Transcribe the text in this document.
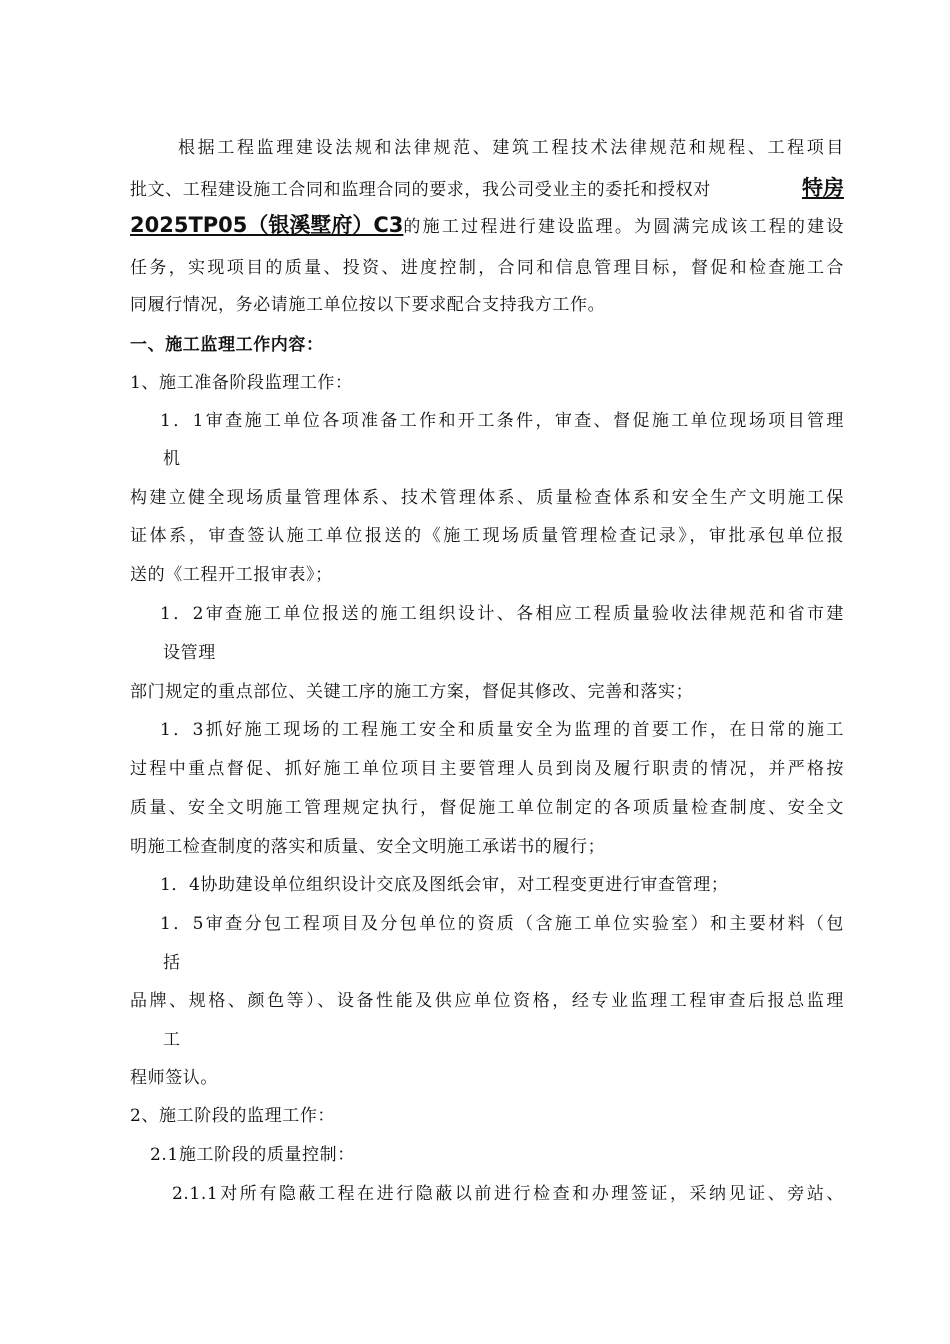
根据工程监理建设法规和法律规范、建筑工程技术法律规范和规程、工程项目
批文、工程建设施工合同和监理合同的要求，我公司受业主的委托和授权对	特房
2025TP05（银溪墅府）C3 的施工过程进行建设监理。为圆满完成该工程的建设
任务，实现项目的质量、投资、进度控制，合同和信息管理目标，督促和检查施工合
同履行情况，务必请施工单位按以下要求配合支持我方工作。
一、施工监理工作内容：
1、施工准备阶段监理工作：
1．1审查施工单位各项准备工作和开工条件，审查、督促施工单位现场项目管理
机
构建立健全现场质量管理体系、技术管理体系、质量检查体系和安全生产文明施工保
证体系，审查签认施工单位报送的《施工现场质量管理检查记录》，审批承包单位报
送的《工程开工报审表》；
1．2审查施工单位报送的施工组织设计、各相应工程质量验收法律规范和省市建
设管理
部门规定的重点部位、关键工序的施工方案，督促其修改、完善和落实；
1．3抓好施工现场的工程施工安全和质量安全为监理的首要工作，在日常的施工
过程中重点督促、抓好施工单位项目主要管理人员到岗及履行职责的情况，并严格按
质量、安全文明施工管理规定执行，督促施工单位制定的各项质量检查制度、安全文
明施工检查制度的落实和质量、安全文明施工承诺书的履行；
1．4协助建设单位组织设计交底及图纸会审，对工程变更进行审查管理；
1．5审查分包工程项目及分包单位的资质（含施工单位实验室）和主要材料（包
括
品牌、规格、颜色等）、设备性能及供应单位资格，经专业监理工程审查后报总监理
工
程师签认。
2、施工阶段的监理工作：
2.1施工阶段的质量控制：
2.1.1对所有隐蔽工程在进行隐蔽以前进行检查和办理签证，采纳见证、旁站、
